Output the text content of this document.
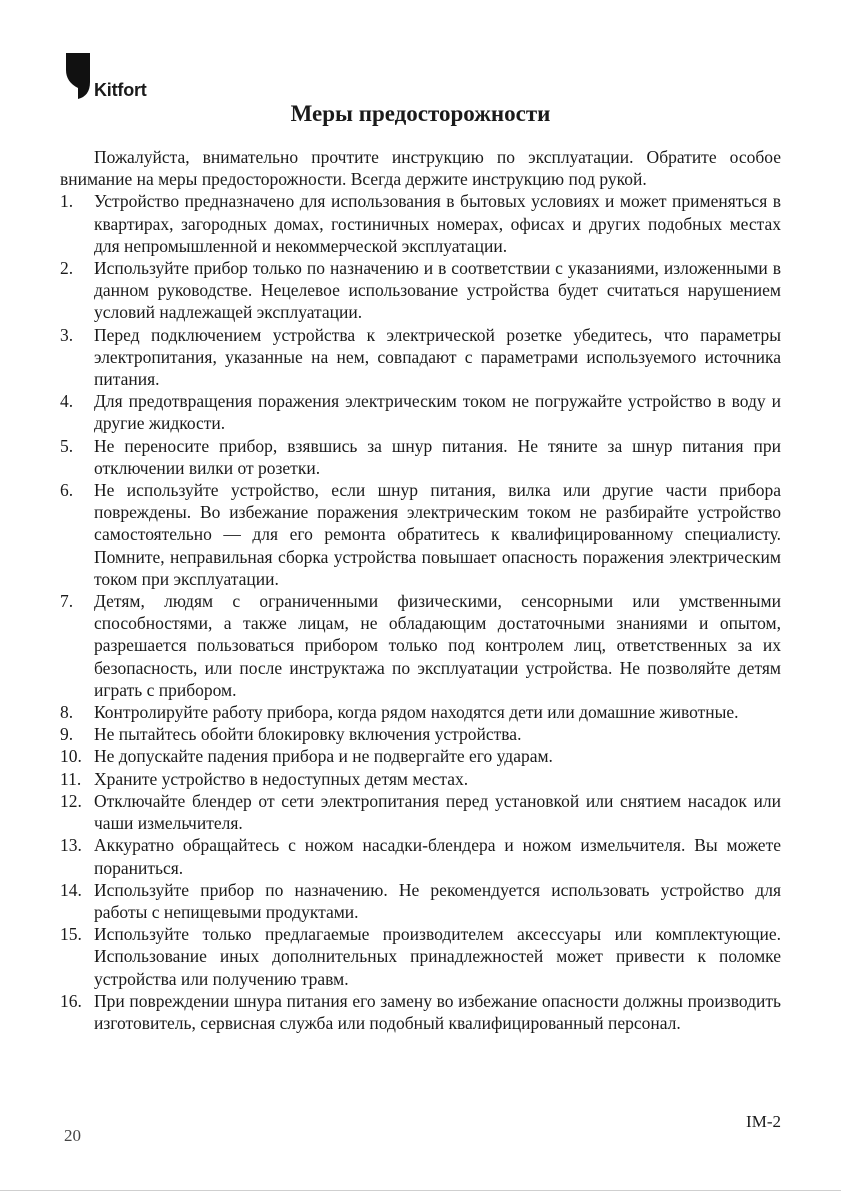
Kitfort
Меры предосторожности

Пожалуйста, внимательно прочтите инструкцию по эксплуатации. Обратите особое внимание на меры предосторожности. Всегда держите инструкцию под рукой.

1. Устройство предназначено для использования в бытовых условиях и может применяться в квартирах, загородных домах, гостиничных номерах, офисах и других подобных местах для непромышленной и некоммерческой эксплуатации.
2. Используйте прибор только по назначению и в соответствии с указаниями, изложенными в данном руководстве. Нецелевое использование устройства будет считаться нарушением условий надлежащей эксплуатации.
3. Перед подключением устройства к электрической розетке убедитесь, что параметры электропитания, указанные на нем, совпадают с параметрами используемого источника питания.
4. Для предотвращения поражения электрическим током не погружайте устройство в воду и другие жидкости.
5. Не переносите прибор, взявшись за шнур питания. Не тяните за шнур питания при отключении вилки от розетки.
6. Не используйте устройство, если шнур питания, вилка или другие части прибора повреждены. Во избежание поражения электрическим током не разбирайте устройство самостоятельно — для его ремонта обратитесь к квалифицированному специалисту. Помните, неправильная сборка устройства повышает опасность поражения электрическим током при эксплуатации.
7. Детям, людям с ограниченными физическими, сенсорными или умственными способностями, а также лицам, не обладающим достаточными знаниями и опытом, разрешается пользоваться прибором только под контролем лиц, ответственных за их безопасность, или после инструктажа по эксплуатации устройства. Не позволяйте детям играть с прибором.
8. Контролируйте работу прибора, когда рядом находятся дети или домашние животные.
9. Не пытайтесь обойти блокировку включения устройства.
10. Не допускайте падения прибора и не подвергайте его ударам.
11. Храните устройство в недоступных детям местах.
12. Отключайте блендер от сети электропитания перед установкой или снятием насадок или чаши измельчителя.
13. Аккуратно обращайтесь с ножом насадки-блендера и ножом измельчителя. Вы можете пораниться.
14. Используйте прибор по назначению. Не рекомендуется использовать устройство для работы с непищевыми продуктами.
15. Используйте только предлагаемые производителем аксессуары или комплектующие. Использование иных дополнительных принадлежностей может привести к поломке устройства или получению травм.
16. При повреждении шнура питания его замену во избежание опасности должны производить изготовитель, сервисная служба или подобный квалифицированный персонал.
20
IM-2
